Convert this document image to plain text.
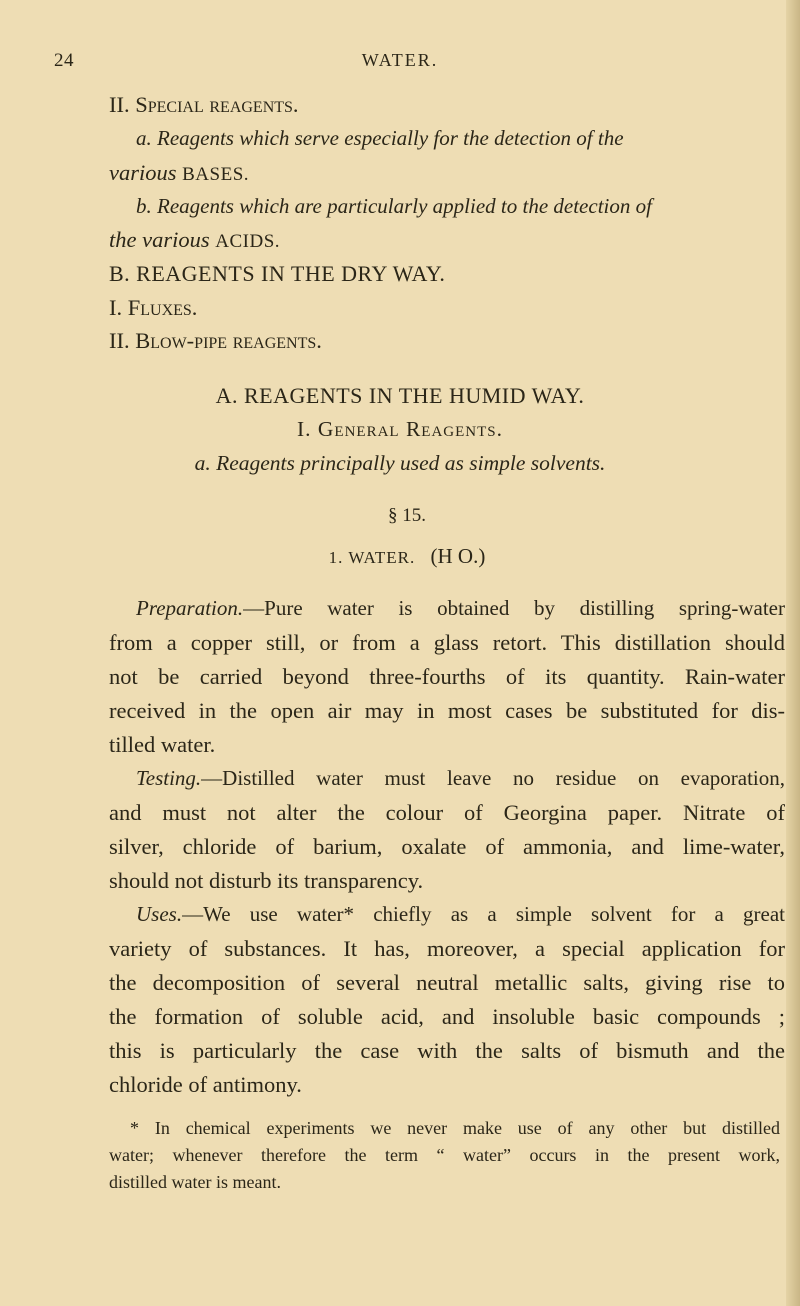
24	WATER.
II. Special reagents.
a. Reagents which serve especially for the detection of the
various BASES.
b. Reagents which are particularly applied to the detection of
the various ACIDS.
B. REAGENTS IN THE DRY WAY.
I. Fluxes.
II. Blow-pipe reagents.
A. REAGENTS IN THE HUMID WAY.
I. General Reagents.
a. Reagents principally used as simple solvents.
§ 15.
1. WATER. (H O.)
Preparation.—Pure water is obtained by distilling spring-water
from a copper still, or from a glass retort. This distillation should
not be carried beyond three-fourths of its quantity. Rain-water
received in the open air may in most cases be substituted for dis-
tilled water.
Testing.—Distilled water must leave no residue on evaporation,
and must not alter the colour of Georgina paper. Nitrate of
silver, chloride of barium, oxalate of ammonia, and lime-water,
should not disturb its transparency.
Uses.—We use water* chiefly as a simple solvent for a great
variety of substances. It has, moreover, a special application for
the decomposition of several neutral metallic salts, giving rise to
the formation of soluble acid, and insoluble basic compounds ;
this is particularly the case with the salts of bismuth and the
chloride of antimony.
* In chemical experiments we never make use of any other but distilled
water; whenever therefore the term “ water” occurs in the present work,
distilled water is meant.
